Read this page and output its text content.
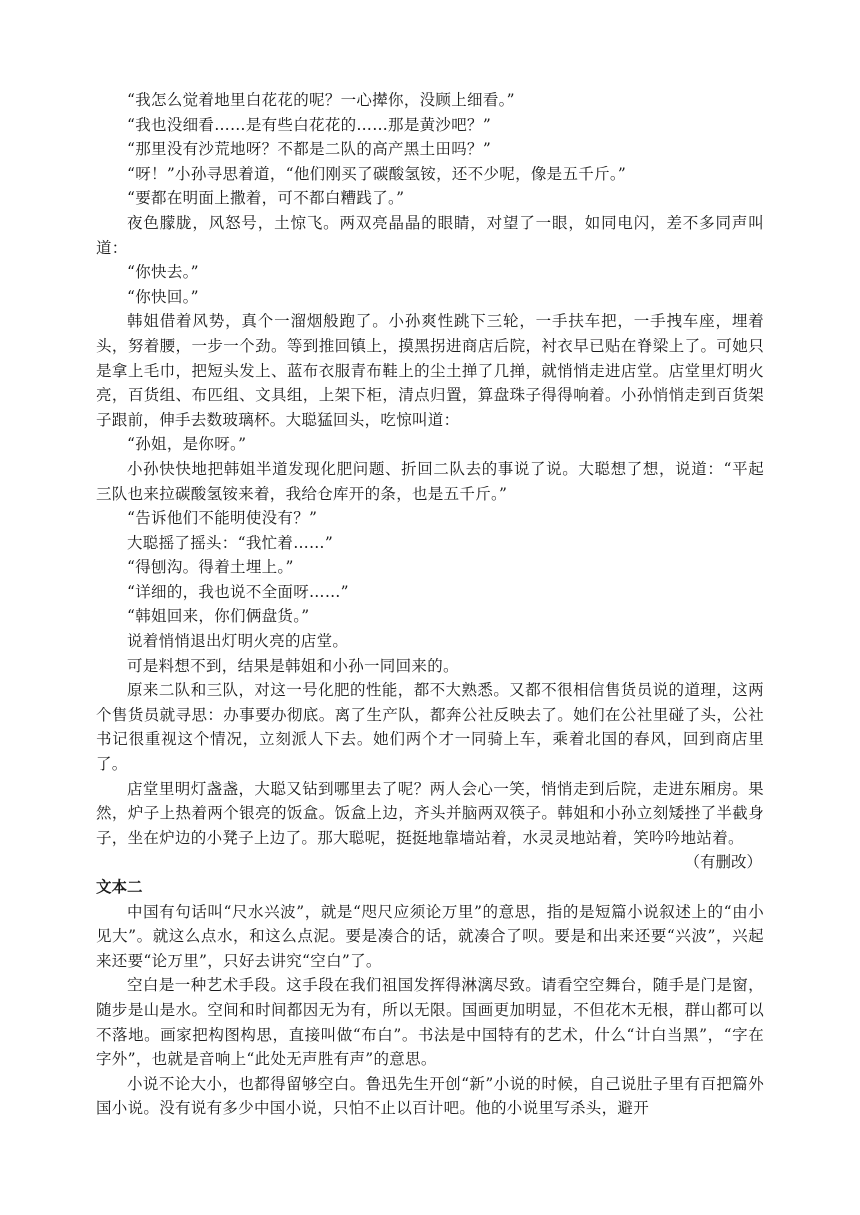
“我怎么觉着地里白花花的呢？一心撵你，没顾上细看。”

“我也没细看……是有些白花花的……那是黄沙吧？”

“那里没有沙荒地呀？不都是二队的高产黑土田吗？”

“呀！”小孙寻思着道，“他们刚买了碳酸氢铵，还不少呢，像是五千斤。”

“要都在明面上撒着，可不都白糟践了。”

夜色朦胧，风怒号，土惊飞。两双亮晶晶的眼睛，对望了一眼，如同电闪，差不多同声叫道：

“你快去。”

“你快回。”

韩姐借着风势，真个一溜烟般跑了。小孙爽性跳下三轮，一手扶车把，一手拽车座，埋着头，努着腰，一步一个劲。等到推回镇上，摸黑拐进商店后院，衬衣早已贴在脊梁上了。可她只是拿上毛巾，把短头发上、蓝布衣服青布鞋上的尘土掸了几掸，就悄悄走进店堂。店堂里灯明火亮，百货组、布匹组、文具组，上架下柜，清点归置，算盘珠子得得响着。小孙悄悄走到百货架子跟前，伸手去数玻璃杯。大聪猛回头，吃惊叫道：

“孙姐，是你呀。”

小孙快快地把韩姐半道发现化肥问题、折回二队去的事说了说。大聪想了想，说道：“平起三队也来拉碳酸氢铵来着，我给仓库开的条，也是五千斤。”

“告诉他们不能明使没有？”

大聪摇了摇头：“我忙着……”

“得刨沟。得着土埋上。”

“详细的，我也说不全面呀……”

“韩姐回来，你们俩盘货。”

说着悄悄退出灯明火亮的店堂。

可是料想不到，结果是韩姐和小孙一同回来的。

原来二队和三队，对这一号化肥的性能，都不大熟悉。又都不很相信售货员说的道理，这两个售货员就寻思：办事要办彻底。离了生产队，都奔公社反映去了。她们在公社里碰了头，公社书记很重视这个情况，立刻派人下去。她们两个才一同骑上车，乘着北国的春风，回到商店里了。

店堂里明灯盏盏，大聪又钻到哪里去了呢？两人会心一笑，悄悄走到后院，走进东厢房。果然，炉子上热着两个银亮的饭盒。饭盒上边，齐头并脑两双筷子。韩姐和小孙立刻矮挫了半截身子，坐在炉边的小凳子上边了。那大聪呢，挺挺地靠墙站着，水灵灵地站着，笑吟吟地站着。

（有删改）

文本二

中国有句话叫“尺水兴波”，就是“咫尺应须论万里”的意思，指的是短篇小说叙述上的“由小见大”。就这么点水，和这么点泥。要是凑合的话，就凑合了呗。要是和出来还要“兴波”，兴起来还要“论万里”，只好去讲究“空白”了。

空白是一种艺术手段。这手段在我们祖国发挥得淋漓尽致。请看空空舞台，随手是门是窗，随步是山是水。空间和时间都因无为有，所以无限。国画更加明显，不但花木无根，群山都可以不落地。画家把构图构思，直接叫做“布白”。书法是中国特有的艺术，什么“计白当黑”，“字在字外”，也就是音响上“此处无声胜有声”的意思。

小说不论大小，也都得留够空白。鲁迅先生开创“新”小说的时候，自己说肚子里有百把篇外国小说。没有说有多少中国小说，只怕不止以百计吧。他的小说里写杀头，避开
